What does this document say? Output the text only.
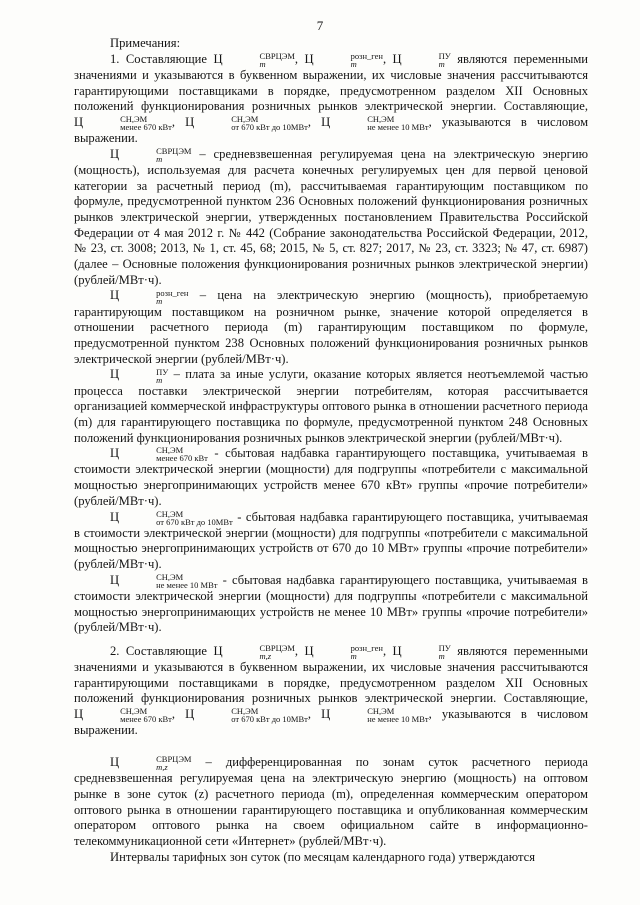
7

Примечания:

1. Составляющие Ц	СВРЦЭМ
m	, Ц	розн_ген
m	, Ц	ПУ
m являются переменными значениями и указываются в буквенном выражении, их числовые значения рассчитываются гарантирующими поставщиками в порядке, предусмотренном разделом XII Основных положений функционирования розничных рынков электрической энергии. Составляющие, Ц	СН,ЭМ
менее 670 кВт , Ц	СН,ЭМ
от 670 кВт до 10МВт , Ц	СН,ЭМ
не менее 10 МВт , указываются в числовом выражении.

Ц	СВРЦЭМ
m	– средневзвешенная регулируемая цена на электрическую энергию (мощность), используемая для расчета конечных регулируемых цен для первой ценовой категории за расчетный период (m), рассчитываемая гарантирующим поставщиком по формуле, предусмотренной пунктом 236 Основных положений функционирования розничных рынков электрической энергии, утвержденных постановлением Правительства Российской Федерации от 4 мая 2012 г. № 442 (Собрание законодательства Российской Федерации, 2012, № 23, ст. 3008; 2013, № 1, ст. 45, 68; 2015, № 5, ст. 827; 2017, № 23, ст. 3323; № 47, ст. 6987) (далее – Основные положения функционирования розничных рынков электрической энергии) (рублей/МВт·ч).

Ц	розн_ген
m	– цена на электрическую энергию (мощность), приобретаемую гарантирующим поставщиком на розничном рынке, значение которой определяется в отношении расчетного периода (m) гарантирующим поставщиком по формуле, предусмотренной пунктом 238 Основных положений функционирования розничных рынков электрической энергии (рублей/МВт·ч).

Ц	ПУ
m – плата за иные услуги, оказание которых является неотъемлемой частью процесса поставки электрической энергии потребителям, которая рассчитывается организацией коммерческой инфраструктуры оптового рынка в отношении расчетного периода (m) для гарантирующего поставщика по формуле, предусмотренной пунктом 248 Основных положений функционирования розничных рынков электрической энергии (рублей/МВт·ч).

Ц	СН,ЭМ
менее 670 кВт - сбытовая надбавка гарантирующего поставщика, учитываемая в стоимости электрической энергии (мощности) для подгруппы «потребители с максимальной мощностью энергопринимающих устройств менее 670 кВт» группы «прочие потребители» (рублей/МВт·ч).

Ц	СН,ЭМ
от 670 кВт до 10МВт - сбытовая надбавка гарантирующего поставщика, учитываемая в стоимости электрической энергии (мощности) для подгруппы «потребители с максимальной мощностью энергопринимающих устройств от 670 до 10 МВт» группы «прочие потребители» (рублей/МВт·ч).

Ц	СН,ЭМ
не менее 10 МВт - сбытовая надбавка гарантирующего поставщика, учитываемая в стоимости электрической энергии (мощности) для подгруппы «потребители с максимальной мощностью энергопринимающих устройств не менее 10 МВт» группы «прочие потребители» (рублей/МВт·ч).

2. Составляющие Ц	СВРЦЭМ
m,z	, Ц	розн_ген
m	, Ц	ПУ
m являются переменными значениями и указываются в буквенном выражении, их числовые значения рассчитываются гарантирующими поставщиками в порядке, предусмотренном разделом XII Основных положений функционирования розничных рынков электрической энергии. Составляющие, Ц	СН,ЭМ
менее 670 кВт , Ц	СН,ЭМ
от 670 кВт до 10МВт , Ц	СН,ЭМ
не менее 10 МВт , указываются в числовом выражении.

Ц	СВРЦЭМ
m,z	– дифференцированная по зонам суток расчетного периода средневзвешенная регулируемая цена на электрическую энергию (мощность) на оптовом рынке в зоне суток (z) расчетного периода (m), определенная коммерческим оператором оптового рынка в отношении гарантирующего поставщика и опубликованная коммерческим оператором оптового рынка на своем официальном сайте в информационно-телекоммуникационной сети «Интернет» (рублей/МВт·ч).

Интервалы тарифных зон суток (по месяцам календарного года) утверждаются
